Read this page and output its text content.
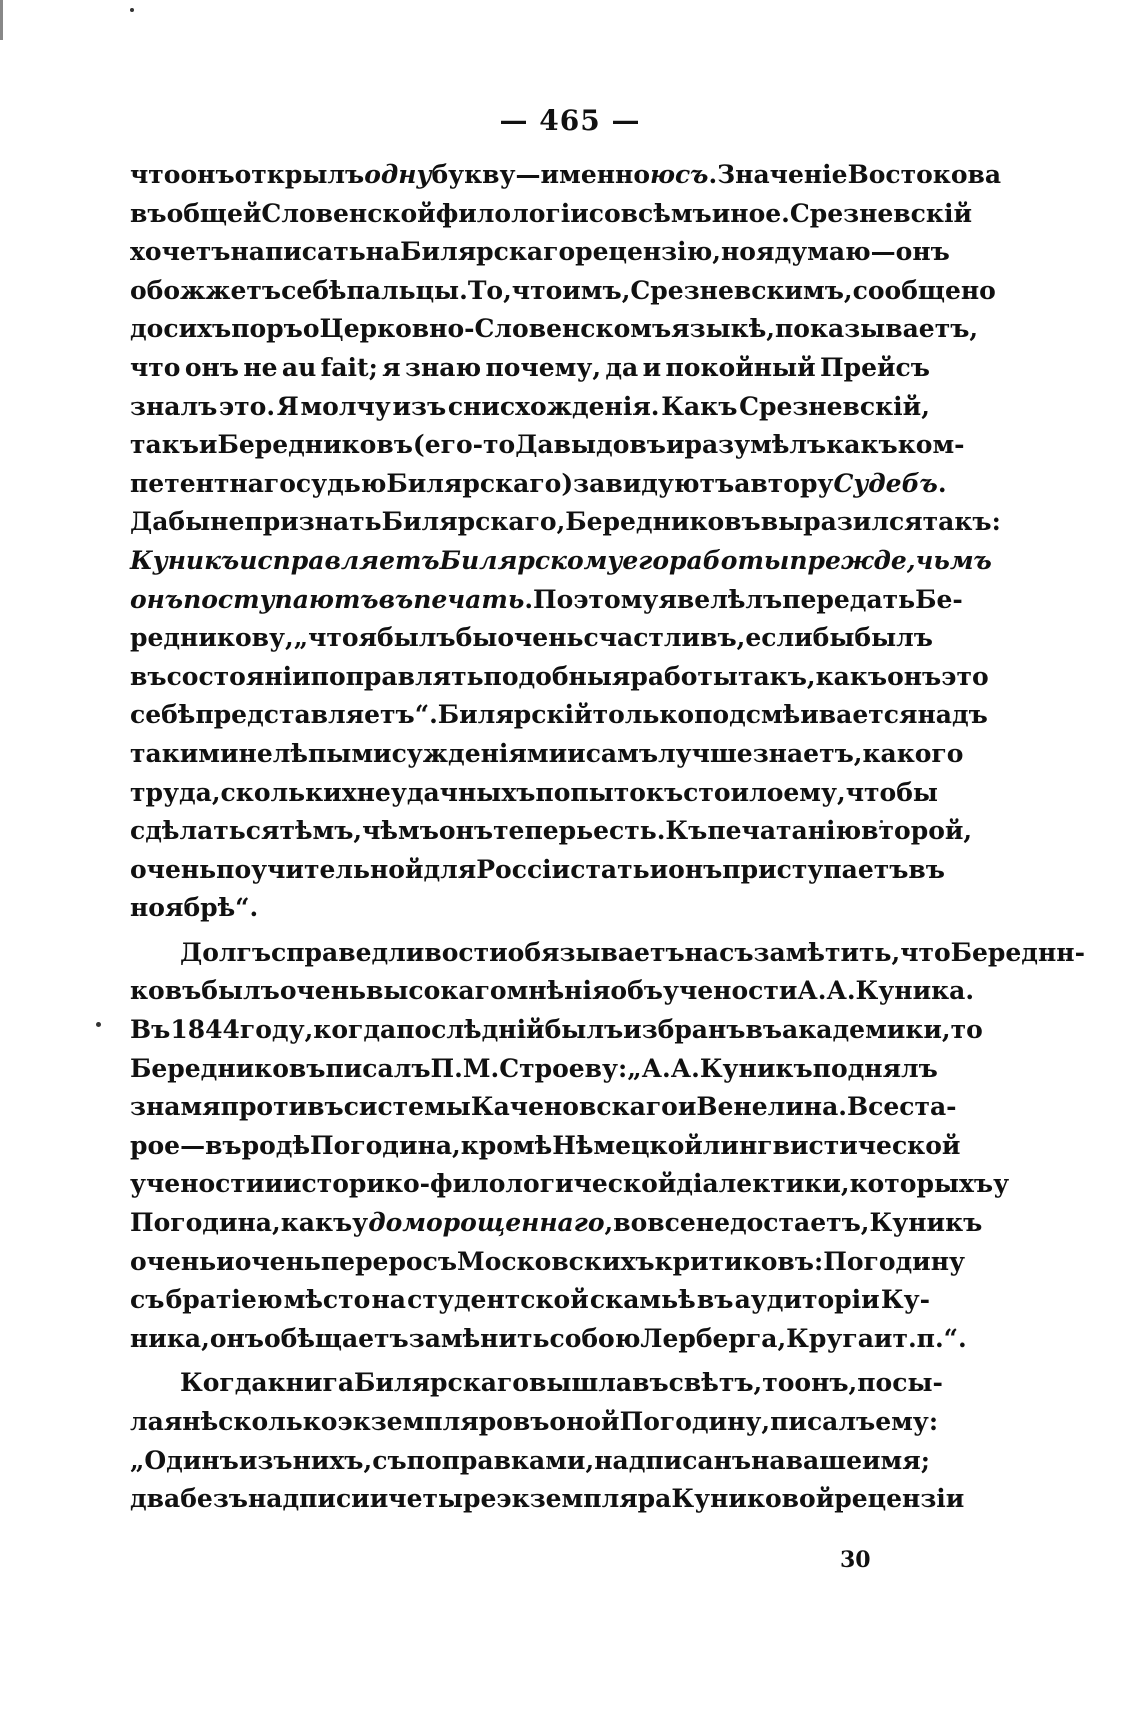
— 465 —
что онъ открылъ одну букву—именно юсъ. Значеніе Востокова
въ общей Словенской филологіи совсѣмъ иное. Срезневскій
хочетъ написать на Билярскаго рецензію, но я думаю—онъ
обожжетъ себѣ пальцы. То, что имъ, Срезневскимъ, сообщено
до сихъ поръ о Церковно-Словенскомъ языкѣ, показываетъ,
что онъ не au fait; я знаю почему, да и покойный Прейсъ
зналъ это. Я молчу изъ снисхожденія. Какъ Срезневскій,
такъ и Бередниковъ (его-то Давыдовъ и разумѣлъ какъ ком-
петентнаго судью Билярскаго) завидуютъ автору Судебъ.
Дабы не признать Билярскаго, Бередниковъ выразился такъ:
Куникъ исправляетъ Билярскому его работы прежде, чьмъ
онъ поступаютъ въ печать. Поэтому я велѣлъ передать Бе-
редникову, „что я былъ бы очень счастливъ, еслибы былъ
въ состояніи поправлять подобныя работы такъ, какъ онъ это
себѣ представляетъ“. Билярскій только подсмѣивается надъ
такими нелѣпыми сужденіями и самъ лучше знаетъ, какого
труда, скольких неудачныхъ попытокъ стоило ему, чтобы
сдѣлаться тѣмъ, чѣмъ онъ теперь есть. Къ печатанію второй,
очень поучительной для Россіи статьи онъ приступаетъ въ
ноябрѣ“.
Долгъ справедливости обязываетъ насъ замѣтить, что Береднн-
ковъ былъ очень высокаго мнѣнія объ учености А. А. Куника.
Въ 1844 году, когда послѣдній былъ избранъ въ академики, то
Бередниковъ писалъ П. М. Строеву: „А. А. Куникъ поднялъ
знамя противъ системы Каченовскаго и Венелина. Все ста-
рое — въ родѣ Погодина, кромѣ Нѣмецкой лингвистической
учености и историко-филологической діалектики, которыхъ у
Погодина, какъ у доморощеннаго, вовсе недостаетъ, Куникъ
очень и очень переросъ Московскихъ критиковъ: Погодину
съ братіею мѣсто на студентской скамьѣ въ аудиторіи Ку-
ника, онъ обѣщаетъ замѣнить собою Лерберга, Круга и т. п.“.
Когда книга Билярскаго вышла въ свѣтъ, то онъ, посы-
лая нѣсколько экземпляровъ оной Погодину, писалъ ему:
„Одинъ изъ нихъ, съ поправками, надписанъ на ваше имя;
два безъ надписи и четыре экземпляра Куниковой рецензіи
30
